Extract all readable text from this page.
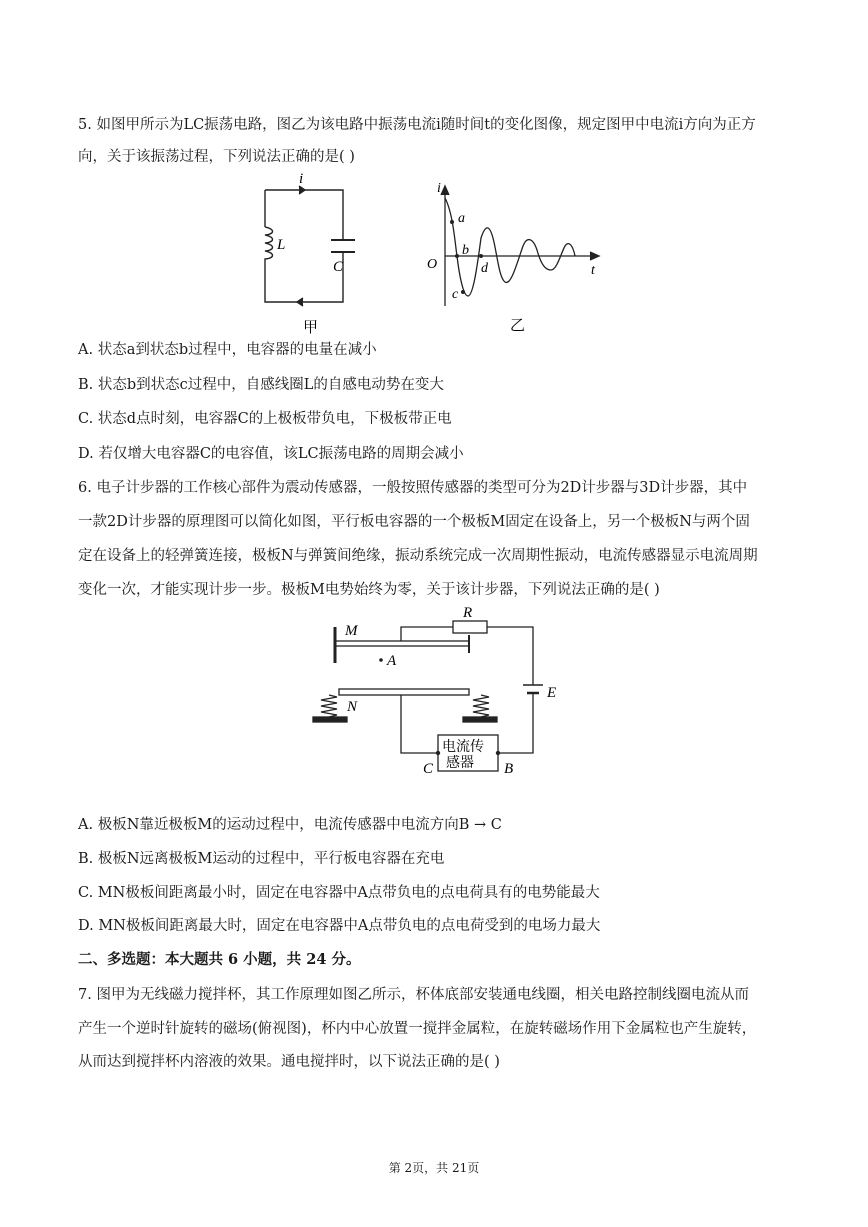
5. 如图甲所示为LC振荡电路，图乙为该电路中振荡电流i随时间t的变化图像，规定图甲中电流i方向为正方
向，关于该振荡过程，下列说法正确的是( )
i
L
C
甲
i
a
O
b
d
c
t
乙
A. 状态a到状态b过程中，电容器的电量在减小
B. 状态b到状态c过程中，自感线圈L的自感电动势在变大
C. 状态d点时刻，电容器C的上极板带负电，下极板带正电
D. 若仅增大电容器C的电容值，该LC振荡电路的周期会减小
6. 电子计步器的工作核心部件为震动传感器，一般按照传感器的类型可分为2D计步器与3D计步器，其中
一款2D计步器的原理图可以简化如图，平行板电容器的一个极板M固定在设备上，另一个极板N与两个固
定在设备上的轻弹簧连接，极板N与弹簧间绝缘，振动系统完成一次周期性振动，电流传感器显示电流周期
变化一次，才能实现计步一步。极板M电势始终为零，关于该计步器，下列说法正确的是( )
M
A
N
R
E
C	B
电流传
感器
A. 极板N靠近极板M的运动过程中，电流传感器中电流方向B → C
B. 极板N远离极板M运动的过程中，平行板电容器在充电
C. MN极板间距离最小时，固定在电容器中A点带负电的点电荷具有的电势能最大
D. MN极板间距离最大时，固定在电容器中A点带负电的点电荷受到的电场力最大
二、多选题：本大题共 6 小题，共 24 分。
7. 图甲为无线磁力搅拌杯，其工作原理如图乙所示，杯体底部安装通电线圈，相关电路控制线圈电流从而
产生一个逆时针旋转的磁场(俯视图)，杯内中心放置一搅拌金属粒，在旋转磁场作用下金属粒也产生旋转，
从而达到搅拌杯内溶液的效果。通电搅拌时，以下说法正确的是( )
第 2页，共 21页
